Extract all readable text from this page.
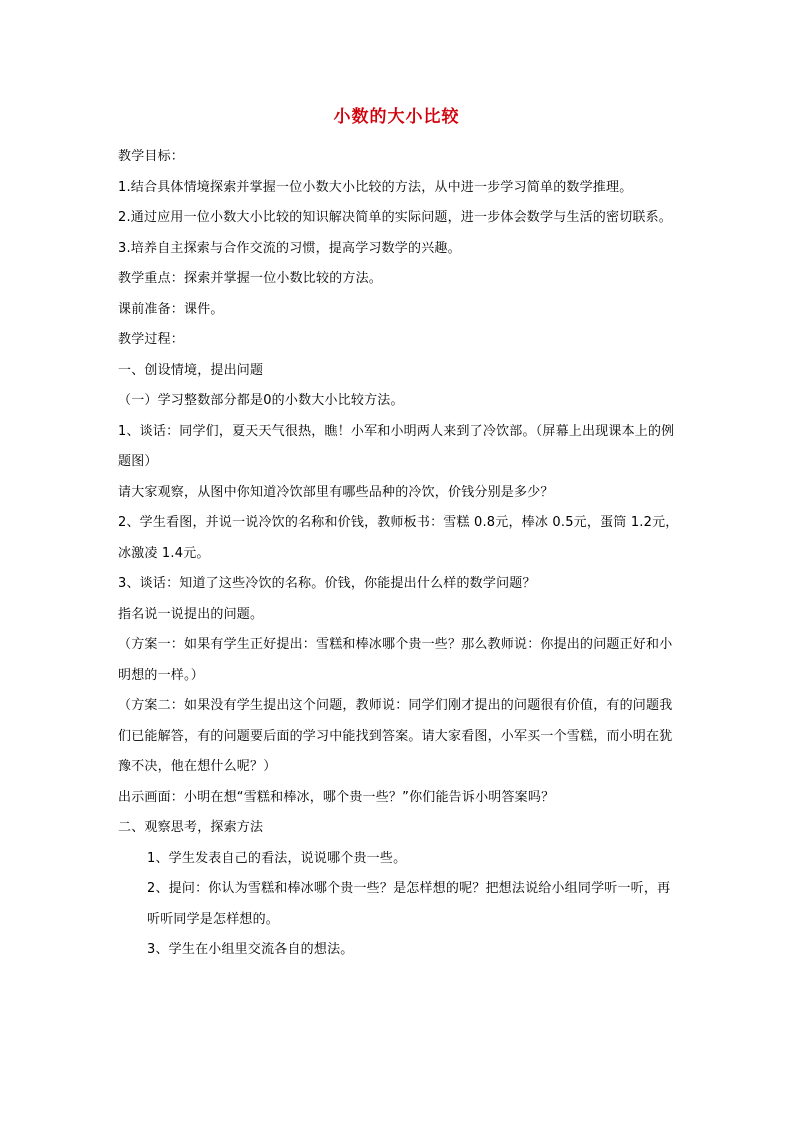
小数的大小比较

教学目标：

1.结合具体情境探索并掌握一位小数大小比较的方法，从中进一步学习简单的数学推理。

2.通过应用一位小数大小比较的知识解决简单的实际问题，进一步体会数学与生活的密切联系。

3.培养自主探索与合作交流的习惯，提高学习数学的兴趣。

教学重点：探索并掌握一位小数比较的方法。

课前准备：课件。

教学过程：

一、创设情境，提出问题

（一）学习整数部分都是0的小数大小比较方法。

1、谈话：同学们，夏天天气很热，瞧！小军和小明两人来到了冷饮部。（屏幕上出现课本上的例题图）

请大家观察，从图中你知道冷饮部里有哪些品种的冷饮，价钱分别是多少？

2、学生看图，并说一说冷饮的名称和价钱，教师板书：雪糕 0.8元，棒冰 0.5元，蛋筒 1.2元，冰激凌 1.4元。

3、谈话：知道了这些冷饮的名称。价钱，你能提出什么样的数学问题？

指名说一说提出的问题。

（方案一：如果有学生正好提出：雪糕和棒冰哪个贵一些？那么教师说：你提出的问题正好和小明想的一样。）

（方案二：如果没有学生提出这个问题，教师说：同学们刚才提出的问题很有价值，有的问题我们已能解答，有的问题要后面的学习中能找到答案。请大家看图，小军买一个雪糕，而小明在犹豫不决，他在想什么呢？）

出示画面：小明在想“雪糕和棒冰，哪个贵一些？”你们能告诉小明答案吗？

二、观察思考，探索方法

1、学生发表自己的看法，说说哪个贵一些。

2、提问：你认为雪糕和棒冰哪个贵一些？是怎样想的呢？把想法说给小组同学听一听，再听听同学是怎样想的。

3、学生在小组里交流各自的想法。
